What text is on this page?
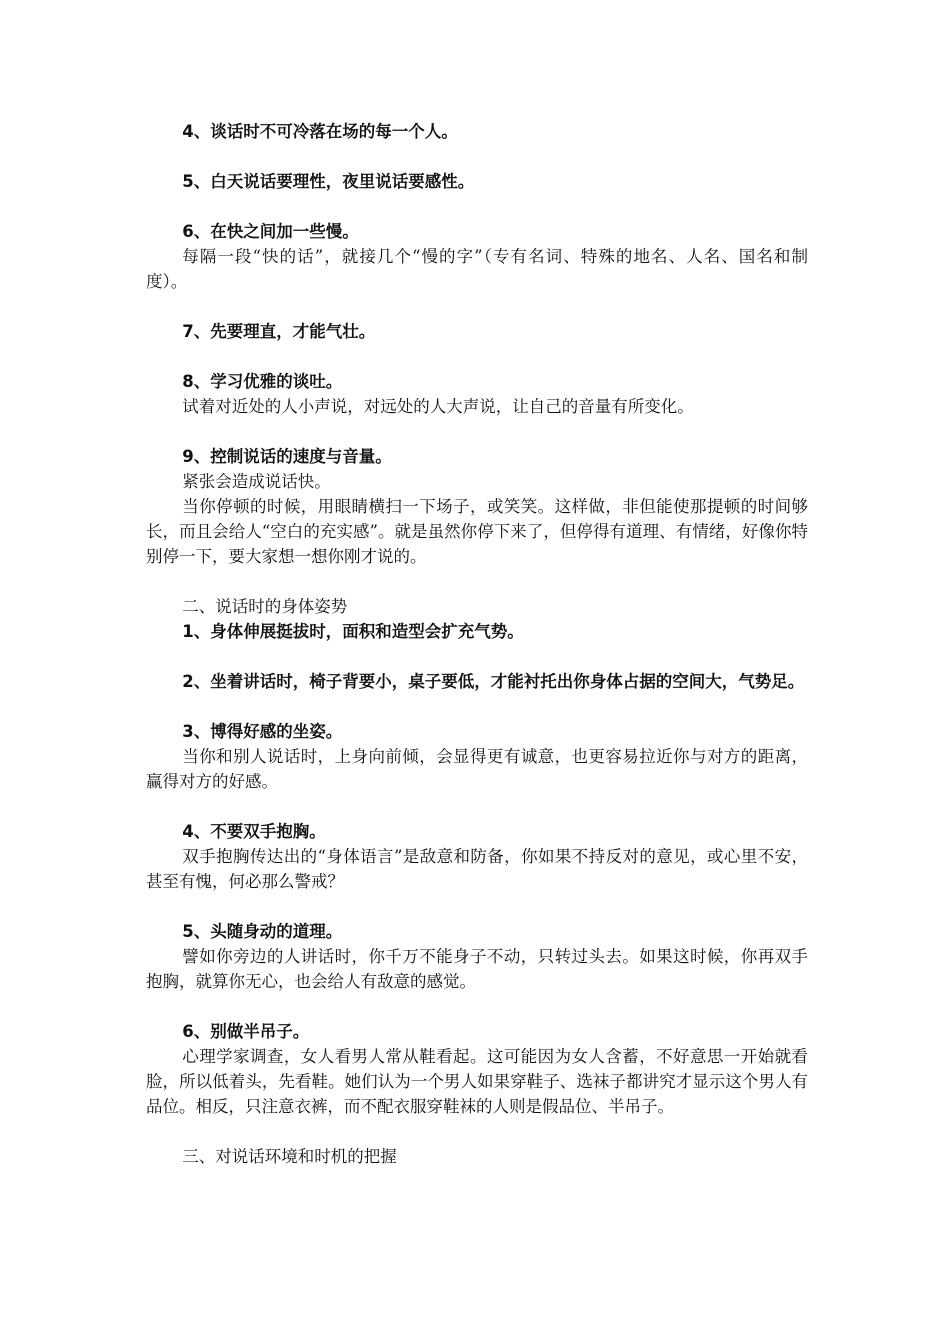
4、谈话时不可冷落在场的每一个人。

5、白天说话要理性，夜里说话要感性。

6、在快之间加一些慢。

每隔一段“快的话”，就接几个“慢的字”（专有名词、特殊的地名、人名、国名和制度）。

7、先要理直，才能气壮。

8、学习优雅的谈吐。

试着对近处的人小声说，对远处的人大声说，让自己的音量有所变化。

9、控制说话的速度与音量。

紧张会造成说话快。

当你停顿的时候，用眼睛横扫一下场子，或笑笑。这样做，非但能使那提顿的时间够长，而且会给人“空白的充实感”。就是虽然你停下来了，但停得有道理、有情绪，好像你特别停一下，要大家想一想你刚才说的。

二、说话时的身体姿势

1、身体伸展挺拔时，面积和造型会扩充气势。

2、坐着讲话时，椅子背要小，桌子要低，才能衬托出你身体占据的空间大，气势足。

3、博得好感的坐姿。

当你和别人说话时，上身向前倾，会显得更有诚意，也更容易拉近你与对方的距离，赢得对方的好感。

4、不要双手抱胸。

双手抱胸传达出的“身体语言”是敌意和防备，你如果不持反对的意见，或心里不安，甚至有愧，何必那么警戒？

5、头随身动的道理。

譬如你旁边的人讲话时，你千万不能身子不动，只转过头去。如果这时候，你再双手抱胸，就算你无心，也会给人有敌意的感觉。

6、别做半吊子。

心理学家调查，女人看男人常从鞋看起。这可能因为女人含蓄，不好意思一开始就看脸，所以低着头，先看鞋。她们认为一个男人如果穿鞋子、选袜子都讲究才显示这个男人有品位。相反，只注意衣裤，而不配衣服穿鞋袜的人则是假品位、半吊子。

三、对说话环境和时机的把握
